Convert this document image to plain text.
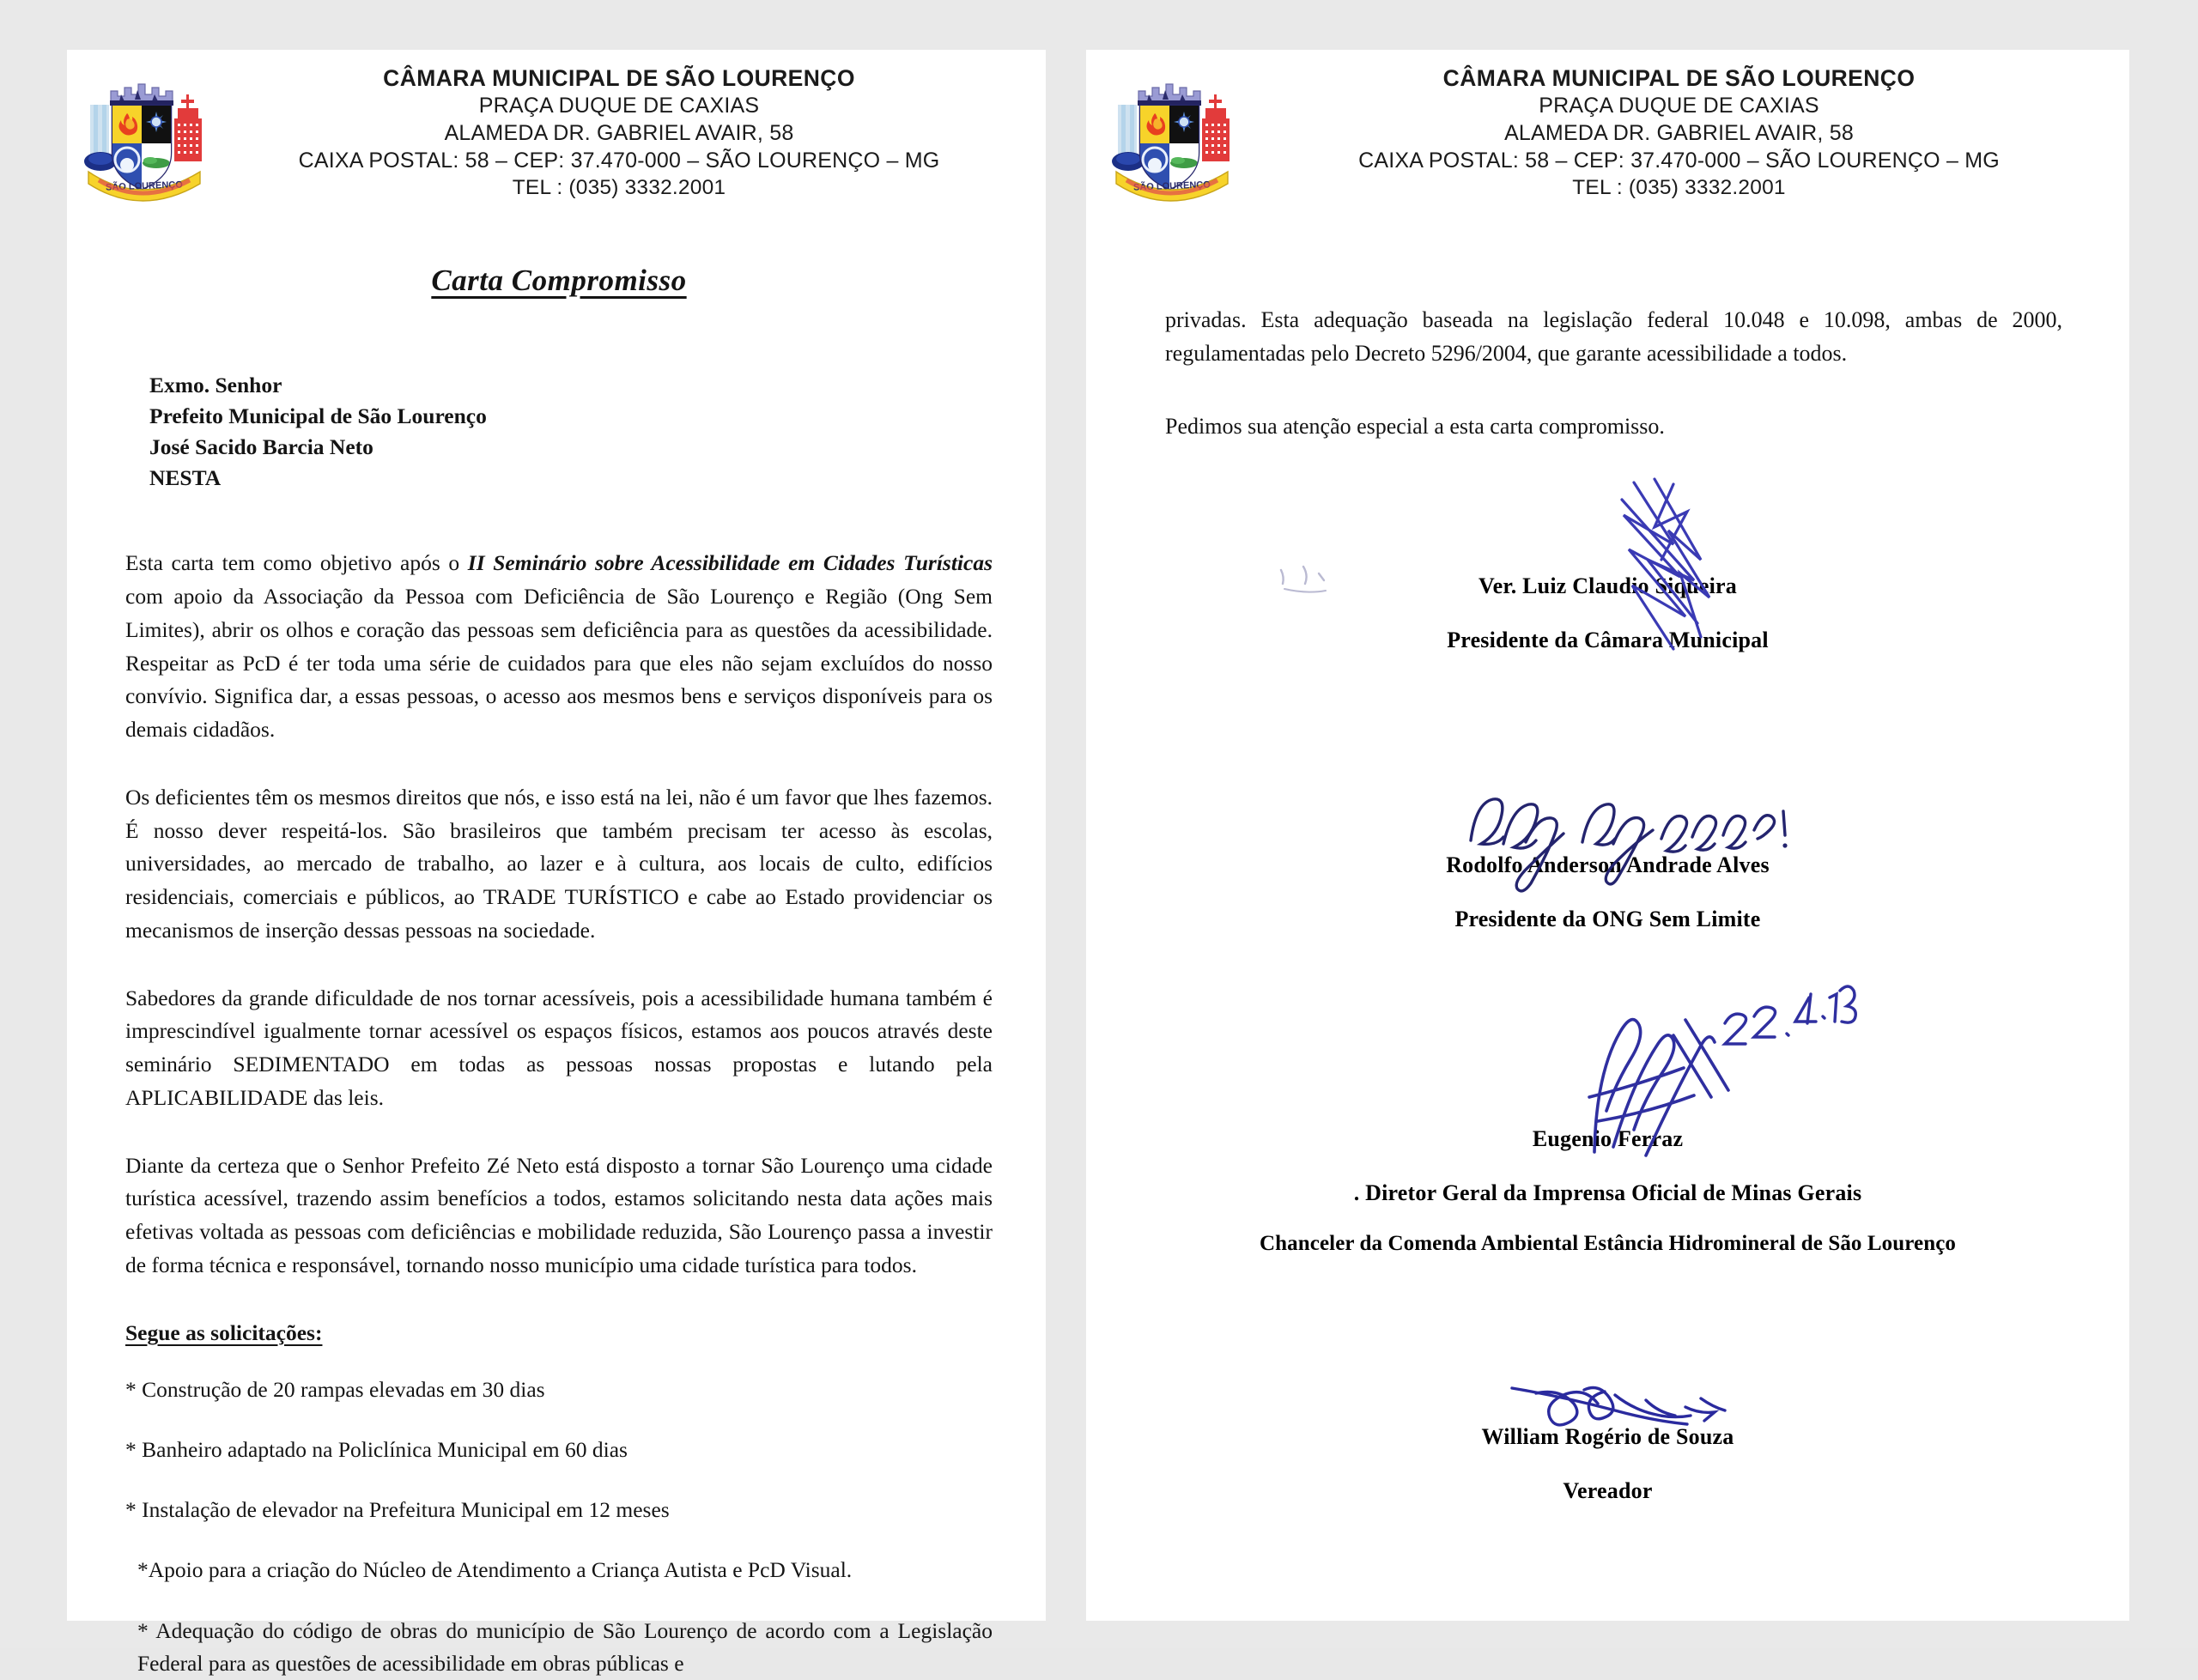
SÃO LOURENÇO
CÂMARA MUNICIPAL DE SÃO LOURENÇO
PRAÇA DUQUE DE CAXIAS
ALAMEDA DR. GABRIEL AVAIR, 58
CAIXA POSTAL: 58 – CEP: 37.470-000 – SÃO LOURENÇO – MG
TEL : (035) 3332.2001
Carta Compromisso
Exmo. Senhor
Prefeito Municipal de São Lourenço
José Sacido Barcia Neto
NESTA

Esta carta tem como objetivo após o II Seminário sobre Acessibilidade em Cidades Turísticas com apoio da Associação da Pessoa com Deficiência de São Lourenço e Região (Ong Sem Limites), abrir os olhos e coração das pessoas sem deficiência para as questões da acessibilidade. Respeitar as PcD é ter toda uma série de cuidados para que eles não sejam excluídos do nosso convívio. Significa dar, a essas pessoas, o acesso aos mesmos bens e serviços disponíveis para os demais cidadãos.

Os deficientes têm os mesmos direitos que nós, e isso está na lei, não é um favor que lhes fazemos. É nosso dever respeitá-los. São brasileiros que também precisam ter acesso às escolas, universidades, ao mercado de trabalho, ao lazer e à cultura, aos locais de culto, edifícios residenciais, comerciais e públicos, ao TRADE TURÍSTICO e cabe ao Estado providenciar os mecanismos de inserção dessas pessoas na sociedade.

Sabedores da grande dificuldade de nos tornar acessíveis, pois a acessibilidade humana também é imprescindível igualmente tornar acessível os espaços físicos, estamos aos poucos através deste seminário SEDIMENTADO em todas as pessoas nossas propostas e lutando pela APLICABILIDADE das leis.

Diante da certeza que o Senhor Prefeito Zé Neto está disposto a tornar São Lourenço uma cidade turística acessível, trazendo assim benefícios a todos, estamos solicitando nesta data ações mais efetivas voltada as pessoas com deficiências e mobilidade reduzida, São Lourenço passa a investir de forma técnica e responsável, tornando nosso município uma cidade turística para todos.

Segue as solicitações:

* Construção de 20 rampas elevadas em 30 dias

* Banheiro adaptado na Policlínica Municipal em 60 dias

* Instalação de elevador na Prefeitura Municipal em 12 meses

*Apoio para a criação do Núcleo de Atendimento a Criança Autista e PcD Visual.

* Adequação do código de obras do município de São Lourenço de acordo com a Legislação Federal para as questões de acessibilidade em obras públicas e

SÃO LOURENÇO
CÂMARA MUNICIPAL DE SÃO LOURENÇO
PRAÇA DUQUE DE CAXIAS
ALAMEDA DR. GABRIEL AVAIR, 58
CAIXA POSTAL: 58 – CEP: 37.470-000 – SÃO LOURENÇO – MG
TEL : (035) 3332.2001

privadas. Esta adequação baseada na legislação federal 10.048 e 10.098, ambas de 2000, regulamentadas pelo Decreto 5296/2004, que garante acessibilidade a todos.

Pedimos sua atenção especial a esta carta compromisso.

Ver. Luiz Claudio Siqueira
Presidente da Câmara Municipal
Rodolfo Anderson Andrade Alves
Presidente da ONG Sem Limite
Eugenio Ferraz
. Diretor Geral da Imprensa Oficial de Minas Gerais
Chanceler da Comenda Ambiental Estância Hidromineral de São Lourenço
William Rogério de Souza
Vereador
